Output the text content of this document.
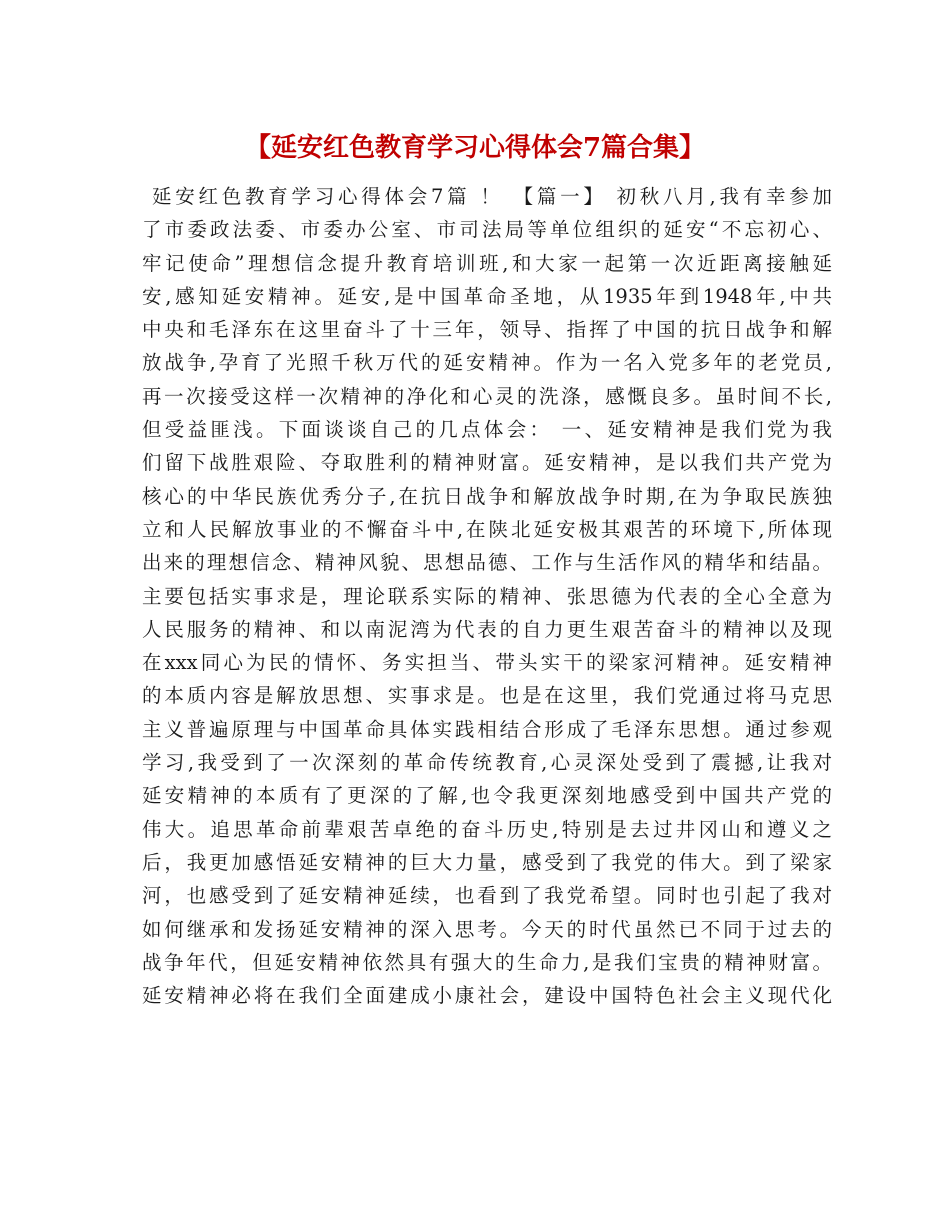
【延安红色教育学习心得体会7篇合集】
延安红色教育学习心得体会7篇 ！ 【篇一】 初秋八月,我有幸参加
了市委政法委、市委办公室、市司法局等单位组织的延安“不忘初心、
牢记使命”理想信念提升教育培训班,和大家一起第一次近距离接触延
安,感知延安精神。延安,是中国革命圣地，从1935年到1948年,中共
中央和毛泽东在这里奋斗了十三年，领导、指挥了中国的抗日战争和解
放战争,孕育了光照千秋万代的延安精神。作为一名入党多年的老党员,
再一次接受这样一次精神的净化和心灵的洗涤，感慨良多。虽时间不长,
但受益匪浅。下面谈谈自己的几点体会： 一、延安精神是我们党为我
们留下战胜艰险、夺取胜利的精神财富。延安精神，是以我们共产党为
核心的中华民族优秀分子,在抗日战争和解放战争时期,在为争取民族独
立和人民解放事业的不懈奋斗中,在陕北延安极其艰苦的环境下,所体现
出来的理想信念、精神风貌、思想品德、工作与生活作风的精华和结晶。
主要包括实事求是，理论联系实际的精神、张思德为代表的全心全意为
人民服务的精神、和以南泥湾为代表的自力更生艰苦奋斗的精神以及现
在xxx同心为民的情怀、务实担当、带头实干的梁家河精神。延安精神
的本质内容是解放思想、实事求是。也是在这里，我们党通过将马克思
主义普遍原理与中国革命具体实践相结合形成了毛泽东思想。通过参观
学习,我受到了一次深刻的革命传统教育,心灵深处受到了震撼,让我对
延安精神的本质有了更深的了解,也令我更深刻地感受到中国共产党的
伟大。追思革命前辈艰苦卓绝的奋斗历史,特别是去过井冈山和遵义之
后，我更加感悟延安精神的巨大力量，感受到了我党的伟大。到了梁家
河，也感受到了延安精神延续，也看到了我党希望。同时也引起了我对
如何继承和发扬延安精神的深入思考。今天的时代虽然已不同于过去的
战争年代，但延安精神依然具有强大的生命力,是我们宝贵的精神财富。
延安精神必将在我们全面建成小康社会，建设中国特色社会主义现代化
